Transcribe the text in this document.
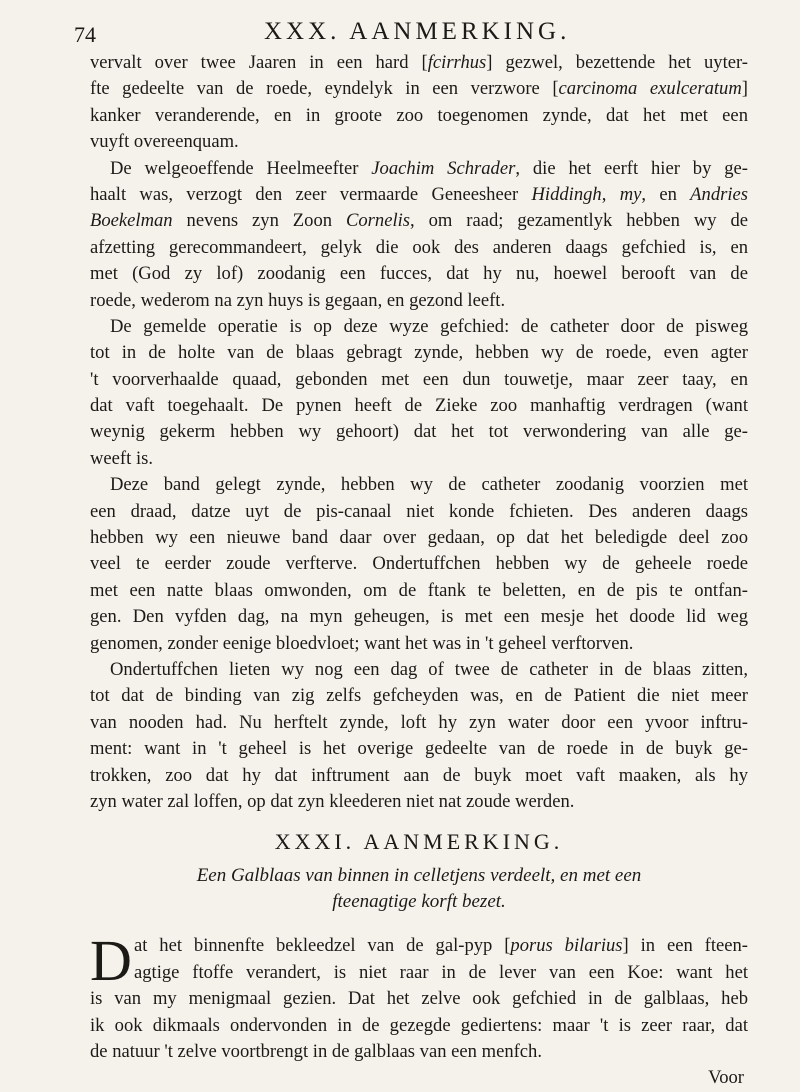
74	XXX. AANMERKING.
vervalt over twee Jaaren in een hard [fcirrhus] gezwel, bezettende het uyter-
fte gedeelte van de roede, eyndelyk in een verzwore [carcinoma exulceratum]
kanker veranderende, en in groote zoo toegenomen zynde, dat het met een
vuyft overeenquam.
De welgeoeffende Heelmeefter Joachim Schrader, die het eerft hier by ge-
haalt was, verzogt den zeer vermaarde Geneesheer Hiddingh, my, en Andries
Boekelman nevens zyn Zoon Cornelis, om raad; gezamentlyk hebben wy de
afzetting gerecommandeert, gelyk die ook des anderen daags gefchied is, en
met (God zy lof) zoodanig een fucces, dat hy nu, hoewel berooft van de
roede, wederom na zyn huys is gegaan, en gezond leeft.
De gemelde operatie is op deze wyze gefchied: de catheter door de pisweg
tot in de holte van de blaas gebragt zynde, hebben wy de roede, even agter
't voorverhaalde quaad, gebonden met een dun touwetje, maar zeer taay, en
dat vaft toegehaalt. De pynen heeft de Zieke zoo manhaftig verdragen (want
weynig gekerm hebben wy gehoort) dat het tot verwondering van alle ge-
weeft is.
Deze band gelegt zynde, hebben wy de catheter zoodanig voorzien met
een draad, datze uyt de pis-canaal niet konde fchieten. Des anderen daags
hebben wy een nieuwe band daar over gedaan, op dat het beledigde deel zoo
veel te eerder zoude verfterve. Ondertuffchen hebben wy de geheele roede
met een natte blaas omwonden, om de ftank te beletten, en de pis te ontfan-
gen. Den vyfden dag, na myn geheugen, is met een mesje het doode lid weg
genomen, zonder eenige bloedvloet; want het was in 't geheel verftorven.
Ondertuffchen lieten wy nog een dag of twee de catheter in de blaas zitten,
tot dat de binding van zig zelfs gefcheyden was, en de Patient die niet meer
van nooden had. Nu herftelt zynde, loft hy zyn water door een yvoor inftru-
ment: want in 't geheel is het overige gedeelte van de roede in de buyk ge-
trokken, zoo dat hy dat inftrument aan de buyk moet vaft maaken, als hy
zyn water zal loffen, op dat zyn kleederen niet nat zoude werden.
XXXI. AANMERKING.
Een Galblaas van binnen in celletjens verdeelt, en met een
fteenagtige korft bezet.
D at het binnenfte bekleedzel van de gal-pyp [porus bilarius] in een fteen-
agtige ftoffe verandert, is niet raar in de lever van een Koe: want het
is van my menigmaal gezien. Dat het zelve ook gefchied in de galblaas, heb
ik ook dikmaals ondervonden in de gezegde gediertens: maar 't is zeer raar, dat
de natuur 't zelve voortbrengt in de galblaas van een menfch.
Voor
